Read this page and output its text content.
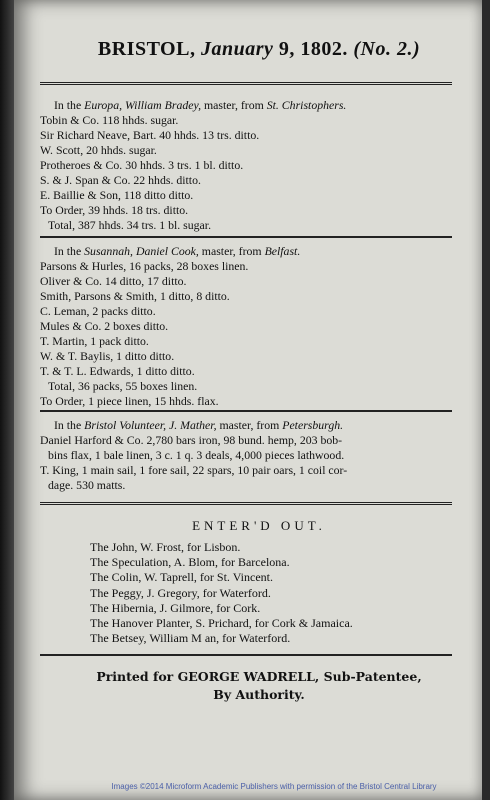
BRISTOL, January 9, 1802. (No. 2.)
In the Europa, William Bradey, master, from St. Christophers.
Tobin & Co. 118 hhds. sugar.
Sir Richard Neave, Bart. 40 hhds. 13 trs. ditto.
W. Scott, 20 hhds. sugar.
Protheroes & Co. 30 hhds. 3 trs. 1 bl. ditto.
S. & J. Span & Co. 22 hhds. ditto.
E. Baillie & Son, 118 ditto ditto.
To Order, 39 hhds. 18 trs. ditto.
Total, 387 hhds. 34 trs. 1 bl. sugar.
In the Susannah, Daniel Cook, master, from Belfast.
Parsons & Hurles, 16 packs, 28 boxes linen.
Oliver & Co. 14 ditto, 17 ditto.
Smith, Parsons & Smith, 1 ditto, 8 ditto.
C. Leman, 2 packs ditto.
Mules & Co. 2 boxes ditto.
T. Martin, 1 pack ditto.
W. & T. Baylis, 1 ditto ditto.
T. & T. L. Edwards, 1 ditto ditto.
Total, 36 packs, 55 boxes linen.
To Order, 1 piece linen, 15 hhds. flax.
In the Bristol Volunteer, J. Mather, master, from Petersburgh.
Daniel Harford & Co. 2,780 bars iron, 98 bund. hemp, 203 bob-
bins flax, 1 bale linen, 3 c. 1 q. 3 deals, 4,000 pieces lathwood.
T. King, 1 main sail, 1 fore sail, 22 spars, 10 pair oars, 1 coil cor-
dage. 530 matts.
ENTER'D OUT.
The John, W. Frost, for Lisbon.
The Speculation, A. Blom, for Barcelona.
The Colin, W. Taprell, for St. Vincent.
The Peggy, J. Gregory, for Waterford.
The Hibernia, J. Gilmore, for Cork.
The Hanover Planter, S. Prichard, for Cork & Jamaica.
The Betsey, William M an, for Waterford.
Printed for GEORGE WADRELL, Sub-Patentee,
By Authority.
Images ©2014 Microform Academic Publishers with permission of the Bristol Central Library
